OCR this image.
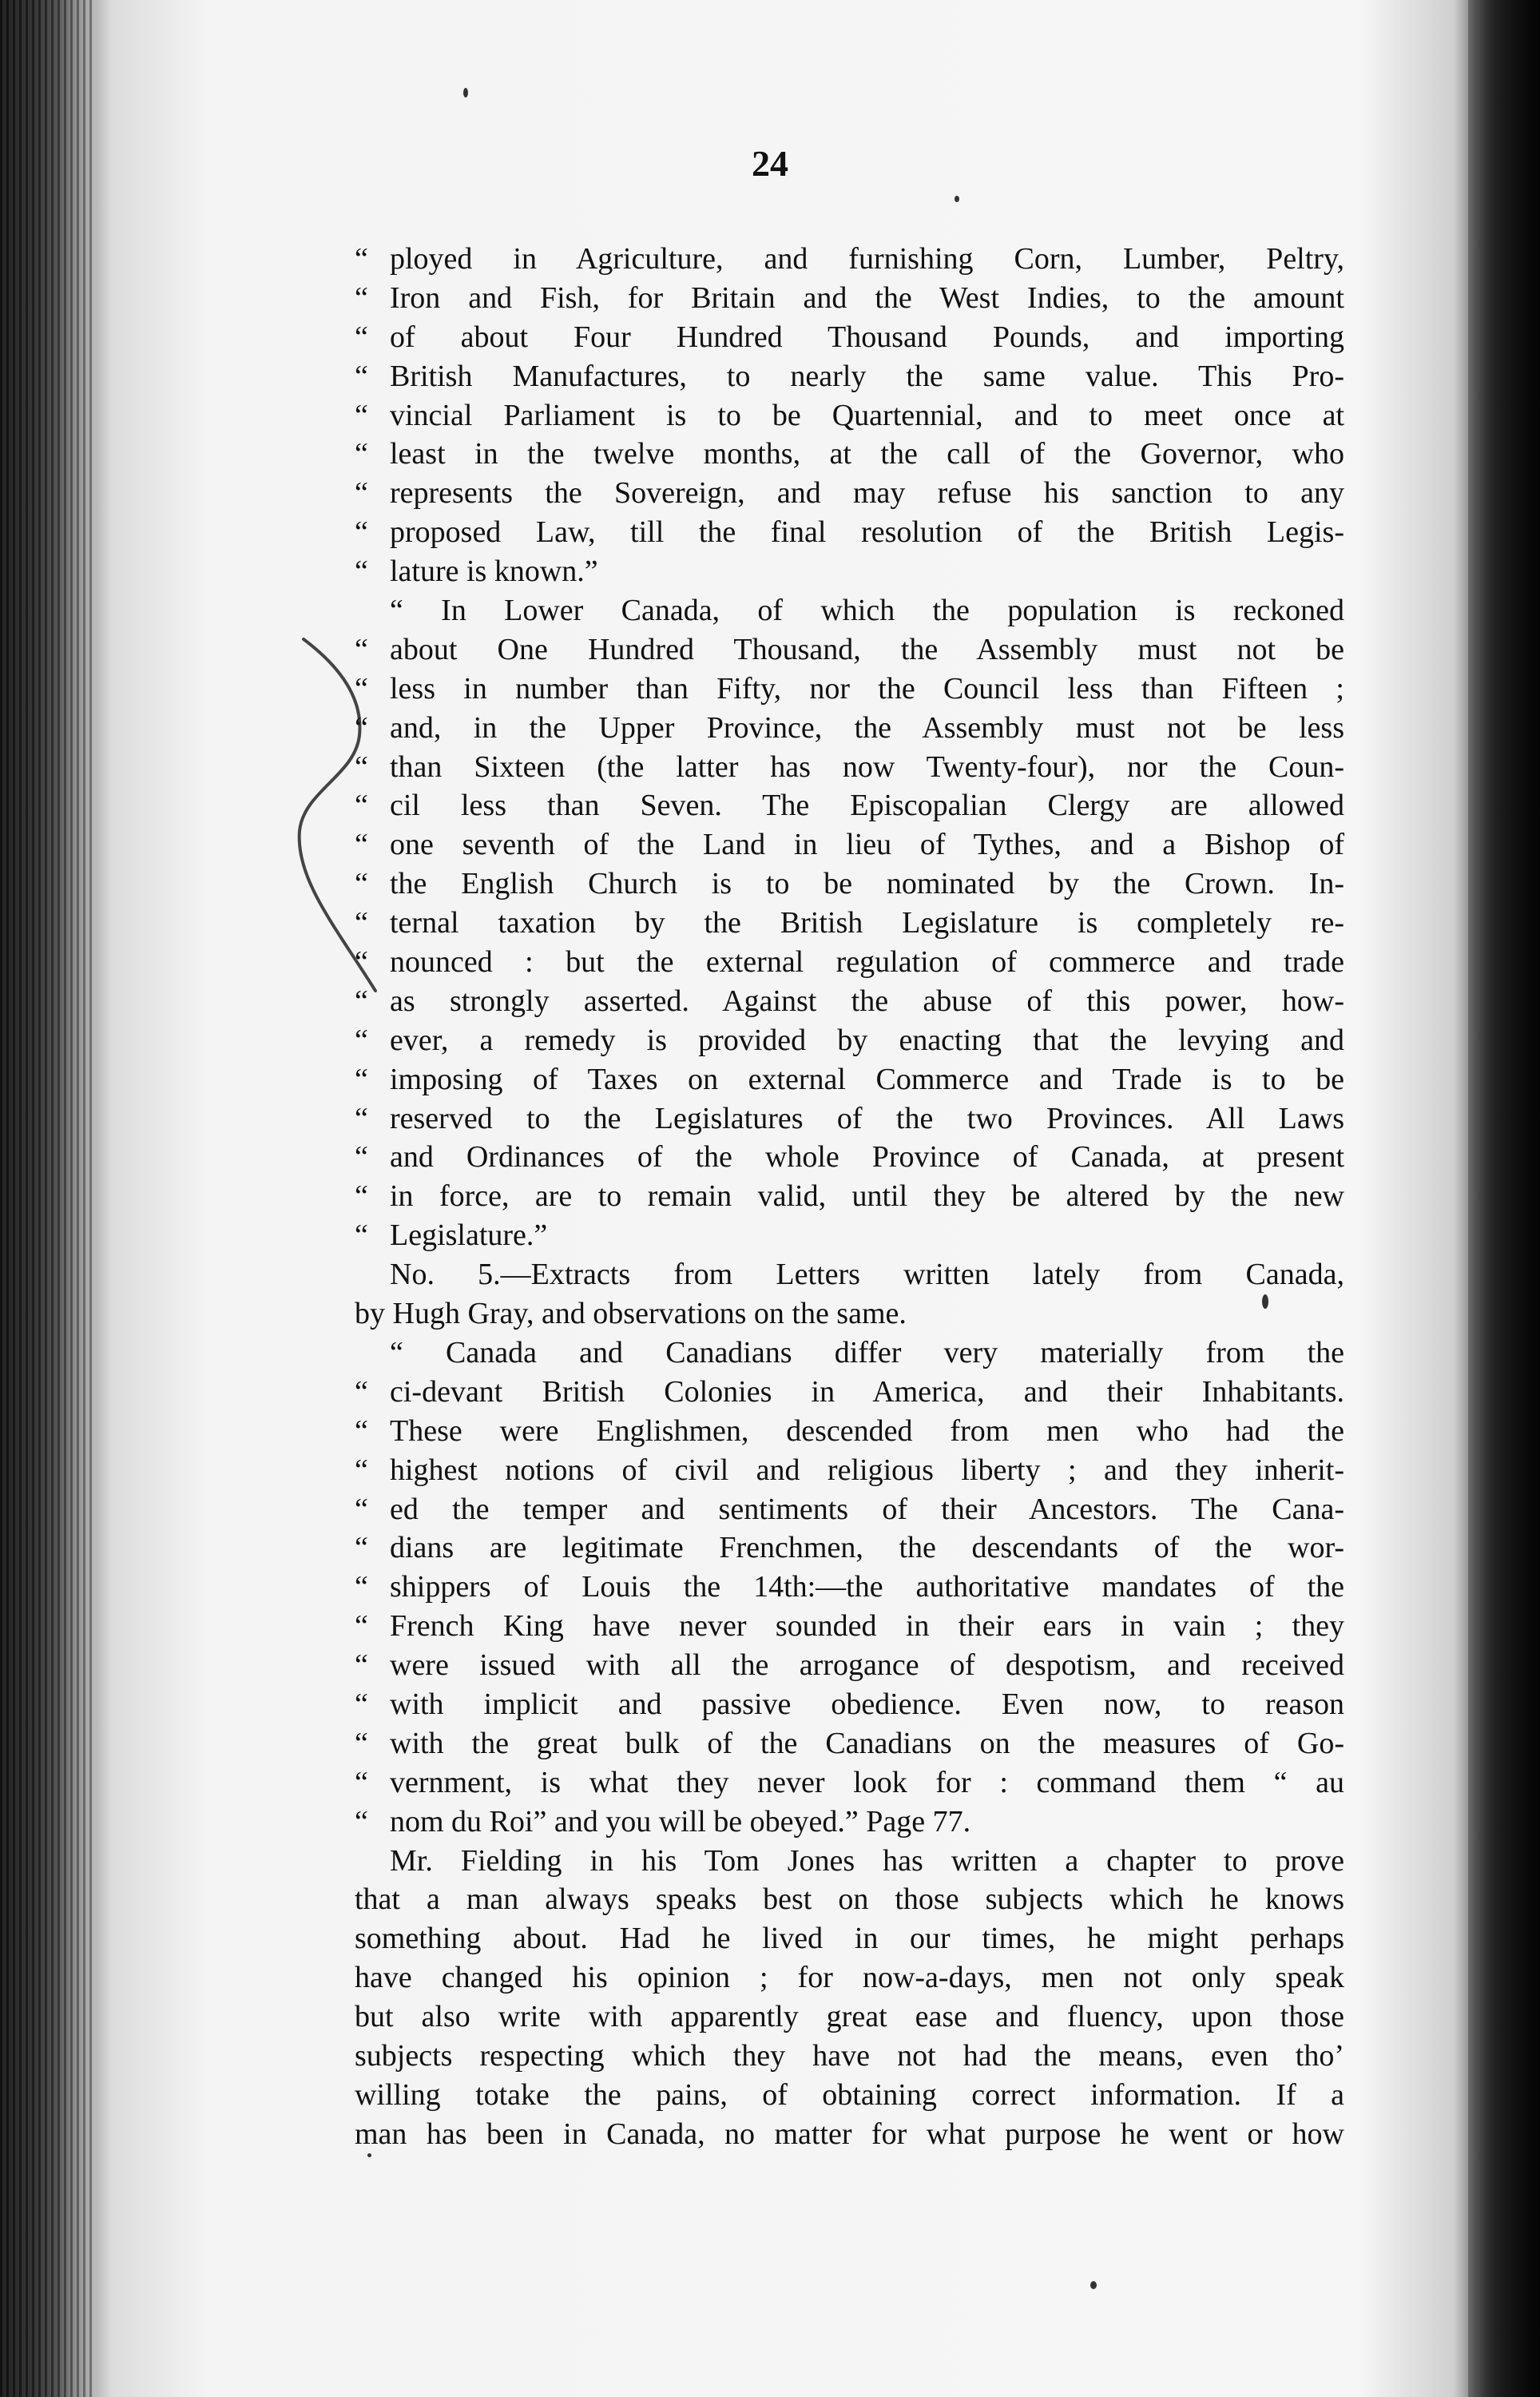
24
“ ployed in Agriculture, and furnishing Corn, Lumber, Peltry,
“ Iron and Fish, for Britain and the West Indies, to the amount
“ of about Four Hundred Thousand Pounds, and importing
“ British Manufactures, to nearly the same value. This Pro-
“ vincial Parliament is to be Quartennial, and to meet once at
“ least in the twelve months, at the call of the Governor, who
“ represents the Sovereign, and may refuse his sanction to any
“ proposed Law, till the final resolution of the British Legis-
“ lature is known.”
“ In Lower Canada, of which the population is reckoned
“ about One Hundred Thousand, the Assembly must not be
“ less in number than Fifty, nor the Council less than Fifteen ;
“ and, in the Upper Province, the Assembly must not be less
“ than Sixteen (the latter has now Twenty-four), nor the Coun-
“ cil less than Seven. The Episcopalian Clergy are allowed
“ one seventh of the Land in lieu of Tythes, and a Bishop of
“ the English Church is to be nominated by the Crown. In-
“ ternal taxation by the British Legislature is completely re-
“ nounced : but the external regulation of commerce and trade
“ as strongly asserted. Against the abuse of this power, how-
“ ever, a remedy is provided by enacting that the levying and
“ imposing of Taxes on external Commerce and Trade is to be
“ reserved to the Legislatures of the two Provinces. All Laws
“ and Ordinances of the whole Province of Canada, at present
“ in force, are to remain valid, until they be altered by the new
“ Legislature.”
No. 5.—Extracts from Letters written lately from Canada,
by Hugh Gray, and observations on the same.
“ Canada and Canadians differ very materially from the
“ ci-devant British Colonies in America, and their Inhabitants.
“ These were Englishmen, descended from men who had the
“ highest notions of civil and religious liberty ; and they inherit-
“ ed the temper and sentiments of their Ancestors. The Cana-
“ dians are legitimate Frenchmen, the descendants of the wor-
“ shippers of Louis the 14th:—the authoritative mandates of the
“ French King have never sounded in their ears in vain ; they
“ were issued with all the arrogance of despotism, and received
“ with implicit and passive obedience. Even now, to reason
“ with the great bulk of the Canadians on the measures of Go-
“ vernment, is what they never look for : command them “ au
“ nom du Roi” and you will be obeyed.” Page 77.
Mr. Fielding in his Tom Jones has written a chapter to prove
that a man always speaks best on those subjects which he knows
something about. Had he lived in our times, he might perhaps
have changed his opinion ; for now-a-days, men not only speak
but also write with apparently great ease and fluency, upon those
subjects respecting which they have not had the means, even tho’
willing totake the pains, of obtaining correct information. If a
man has been in Canada, no matter for what purpose he went or how
